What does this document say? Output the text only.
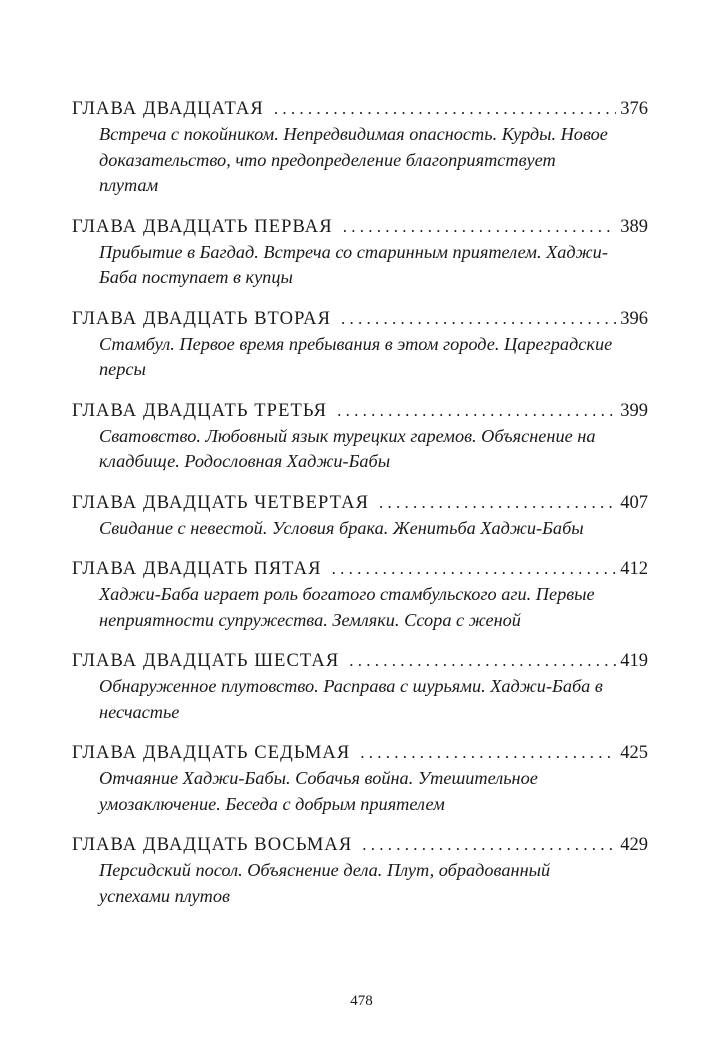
ГЛАВА ДВАДЦАТАЯ . . .	376
Встреча с покойником. Непредвидимая опасность. Курды. Новое доказательство, что предопределение благоприятствует плутам
ГЛАВА ДВАДЦАТЬ ПЕРВАЯ . . .	389
Прибытие в Багдад. Встреча со старинным приятелем. Хаджи-Баба поступает в купцы
ГЛАВА ДВАДЦАТЬ ВТОРАЯ . . .	396
Стамбул. Первое время пребывания в этом городе. Цареградские персы
ГЛАВА ДВАДЦАТЬ ТРЕТЬЯ . . .	399
Сватовство. Любовный язык турецких гаремов. Объяснение на кладбище. Родословная Хаджи-Бабы
ГЛАВА ДВАДЦАТЬ ЧЕТВЕРТАЯ . . .	407
Свидание с невестой. Условия брака. Женитьба Хаджи-Бабы
ГЛАВА ДВАДЦАТЬ ПЯТАЯ . . .	412
Хаджи-Баба играет роль богатого стамбульского аги. Первые неприятности супружества. Земляки. Ссора с женой
ГЛАВА ДВАДЦАТЬ ШЕСТАЯ . . .	419
Обнаруженное плутовство. Расправа с шурьями. Хаджи-Баба в несчастье
ГЛАВА ДВАДЦАТЬ СЕДЬМАЯ . . .	425
Отчаяние Хаджи-Бабы. Собачья война. Утешительное умозаключение. Беседа с добрым приятелем
ГЛАВА ДВАДЦАТЬ ВОСЬМАЯ . . .	429
Персидский посол. Объяснение дела. Плут, обрадованный успехами плутов
478
